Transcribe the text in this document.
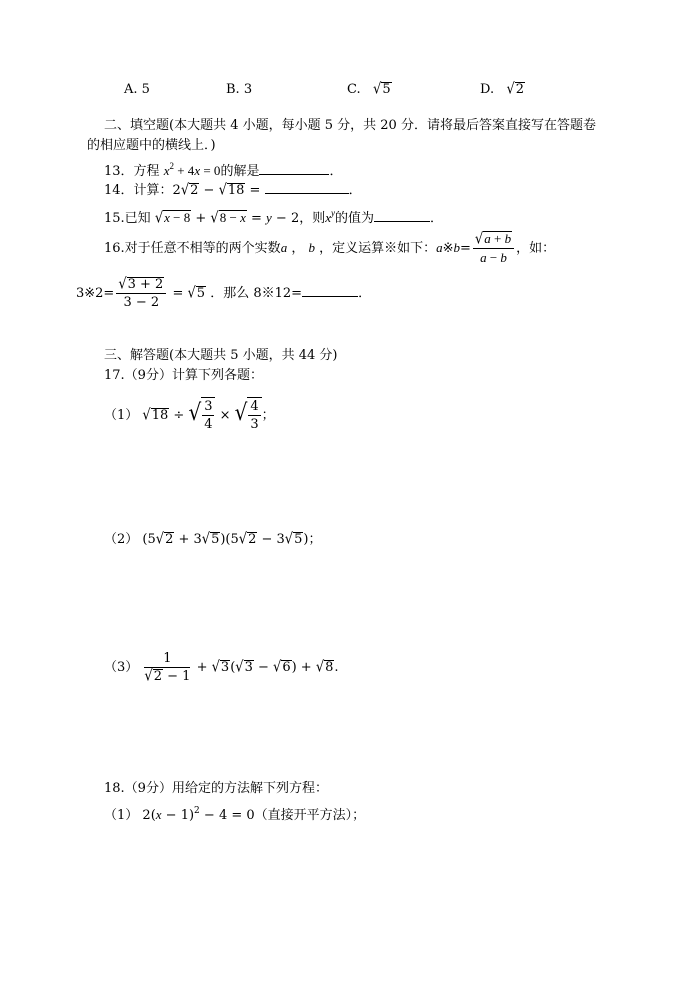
A. 5	B. 3	C. √5	D. √2
二、填空题(本大题共 4 小题，每小题 5 分，共 20 分．请将最后答案直接写在答题卷
的相应题中的横线上．)
13．方程 $x^2 + 4x = 0$的解是	．
14．计算：2√2 − √18 =	．
15.已知 √x − 8 + √8 − x = y − 2，则$x^y$的值为	．
16.对于任意不相等的两个实数a ， b ，定义运算※如下：a※b= $\frac{√a + b}{a - b}$ ，如：
3※2= $\frac{√3 + 2}{3 - 2} = √5$ ．那么 8※12=	．
三、解答题(本大题共 5 小题，共 44 分)
17.（9分）计算下列各题：
（1） √18 ÷ √ $\frac{3}{4}$ × √ $\frac{4}{3}$ ；
（2） (5√2 + 3√5)(5√2 − 3√5)；
$(3) \frac{1}{√2 - 1} + √3(√3 - √6) + √8$.
18.（9分）用给定的方法解下列方程：
（1） $2(x - 1)^2 - 4 = 0$（直接开平方法）；
